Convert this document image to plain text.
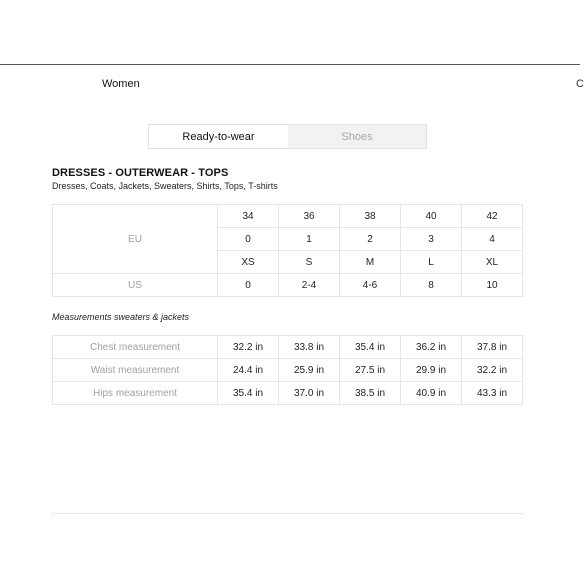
Women	C
Ready-to-wear	Shoes
DRESSES - OUTERWEAR - TOPS
Dresses, Coats, Jackets, Sweaters, Shirts, Tops, T-shirts
EU	34	36	38	40	42
	0	1	2	3	4
	XS	S	M	L	XL
US	0	2-4	4-6	8	10
Measurements sweaters & jackets
Chest measurement	32.2 in	33.8 in	35.4 in	36.2 in	37.8 in
Waist measurement	24.4 in	25.9 in	27.5 in	29.9 in	32.2 in
Hips measurement	35.4 in	37.0 in	38.5 in	40.9 in	43.3 in
